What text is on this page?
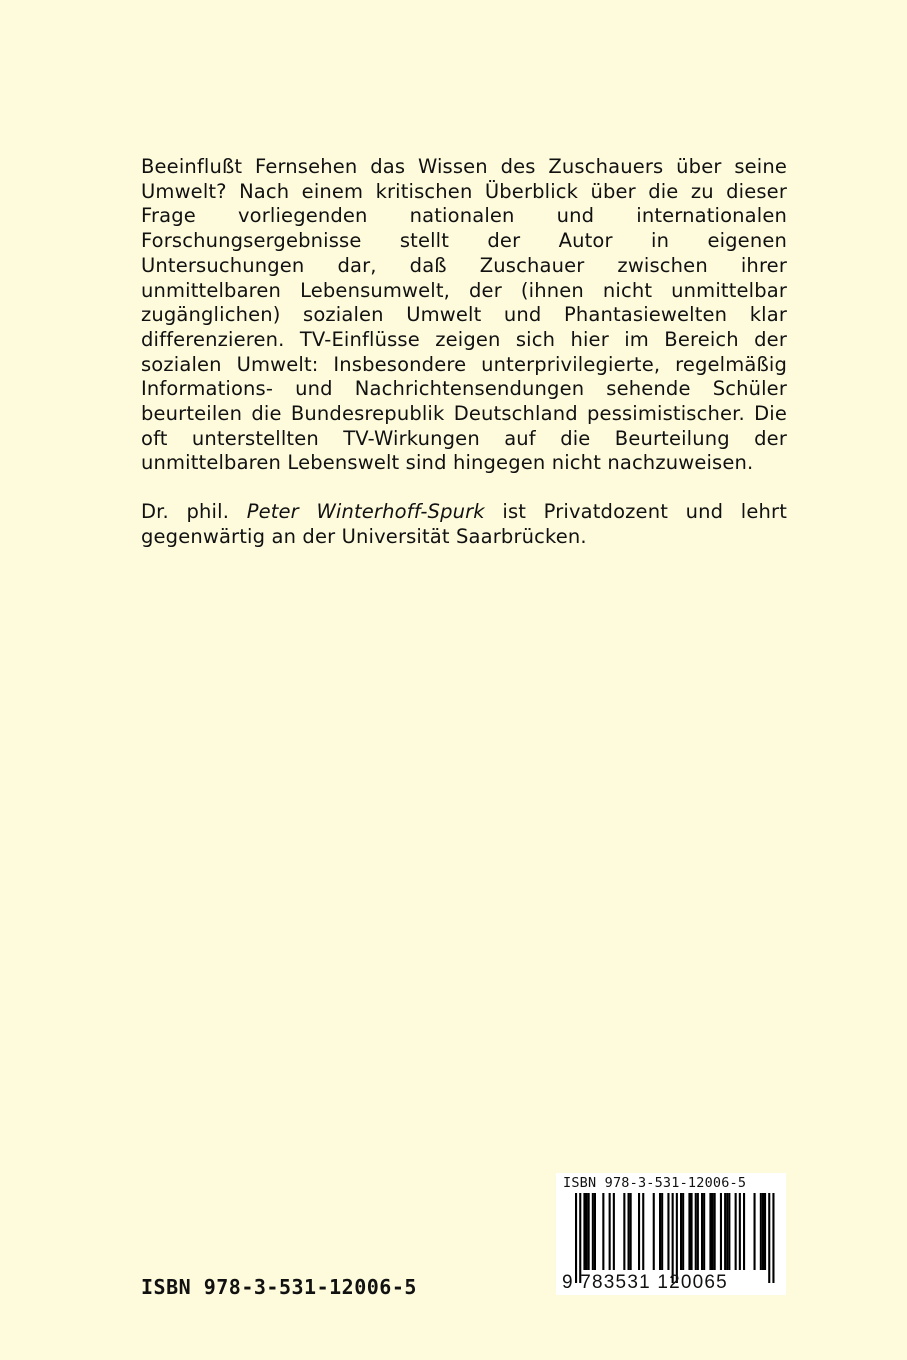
Beeinflußt Fernsehen das Wissen des Zuschauers über seine Umwelt? Nach einem kritischen Überblick über die zu dieser Frage vorliegenden nationalen und internationalen Forschungsergebnisse stellt der Autor in eigenen Untersuchungen dar, daß Zuschauer zwischen ihrer unmittelbaren Lebensumwelt, der (ihnen nicht unmittelbar zugänglichen) sozialen Umwelt und Phantasiewelten klar differenzieren. TV-Einflüsse zeigen sich hier im Bereich der sozialen Umwelt: Insbesondere unterprivilegierte, regelmäßig Informations- und Nachrichtensendungen sehende Schüler beurteilen die Bundesrepublik Deutschland pessimistischer. Die oft unterstellten TV-Wirkungen auf die Beurteilung der unmittelbaren Lebenswelt sind hingegen nicht nachzuweisen.

Dr. phil. Peter Winterhoff-Spurk ist Privatdozent und lehrt gegenwärtig an der Universität Saarbrücken.

ISBN 978-3-531-12006-5
9 783531 120065
ISBN 978-3-531-12006-5
